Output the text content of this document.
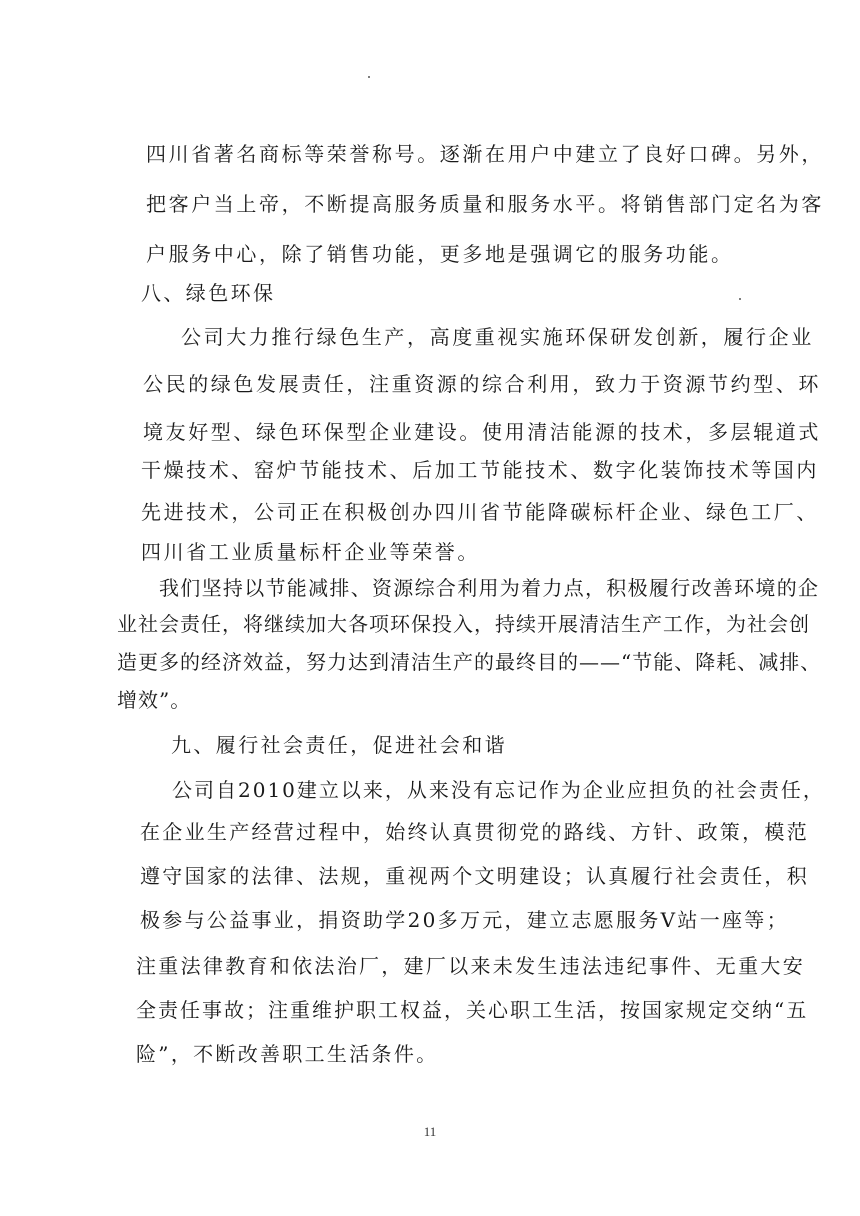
四川省著名商标等荣誉称号。逐渐在用户中建立了良好口碑。另外，
把客户当上帝，不断提高服务质量和服务水平。将销售部门定名为客
户服务中心，除了销售功能，更多地是强调它的服务功能。
八、绿色环保
公司大力推行绿色生产，高度重视实施环保研发创新，履行企业
公民的绿色发展责任，注重资源的综合利用，致力于资源节约型、环
境友好型、绿色环保型企业建设。使用清洁能源的技术，多层辊道式
干燥技术、窑炉节能技术、后加工节能技术、数字化装饰技术等国内
先进技术，公司正在积极创办四川省节能降碳标杆企业、绿色工厂、
四川省工业质量标杆企业等荣誉。
我们坚持以节能减排、资源综合利用为着力点，积极履行改善环境的企
业社会责任，将继续加大各项环保投入，持续开展清洁生产工作，为社会创
造更多的经济效益，努力达到清洁生产的最终目的——“节能、降耗、减排、
增效”。
九、履行社会责任，促进社会和谐
公司自2010建立以来，从来没有忘记作为企业应担负的社会责任，
在企业生产经营过程中，始终认真贯彻党的路线、方针、政策，模范
遵守国家的法律、法规，重视两个文明建设；认真履行社会责任，积
极参与公益事业，捐资助学20多万元，建立志愿服务V站一座等；
注重法律教育和依法治厂，建厂以来未发生违法违纪事件、无重大安
全责任事故；注重维护职工权益，关心职工生活，按国家规定交纳“五
险”，不断改善职工生活条件。
11
